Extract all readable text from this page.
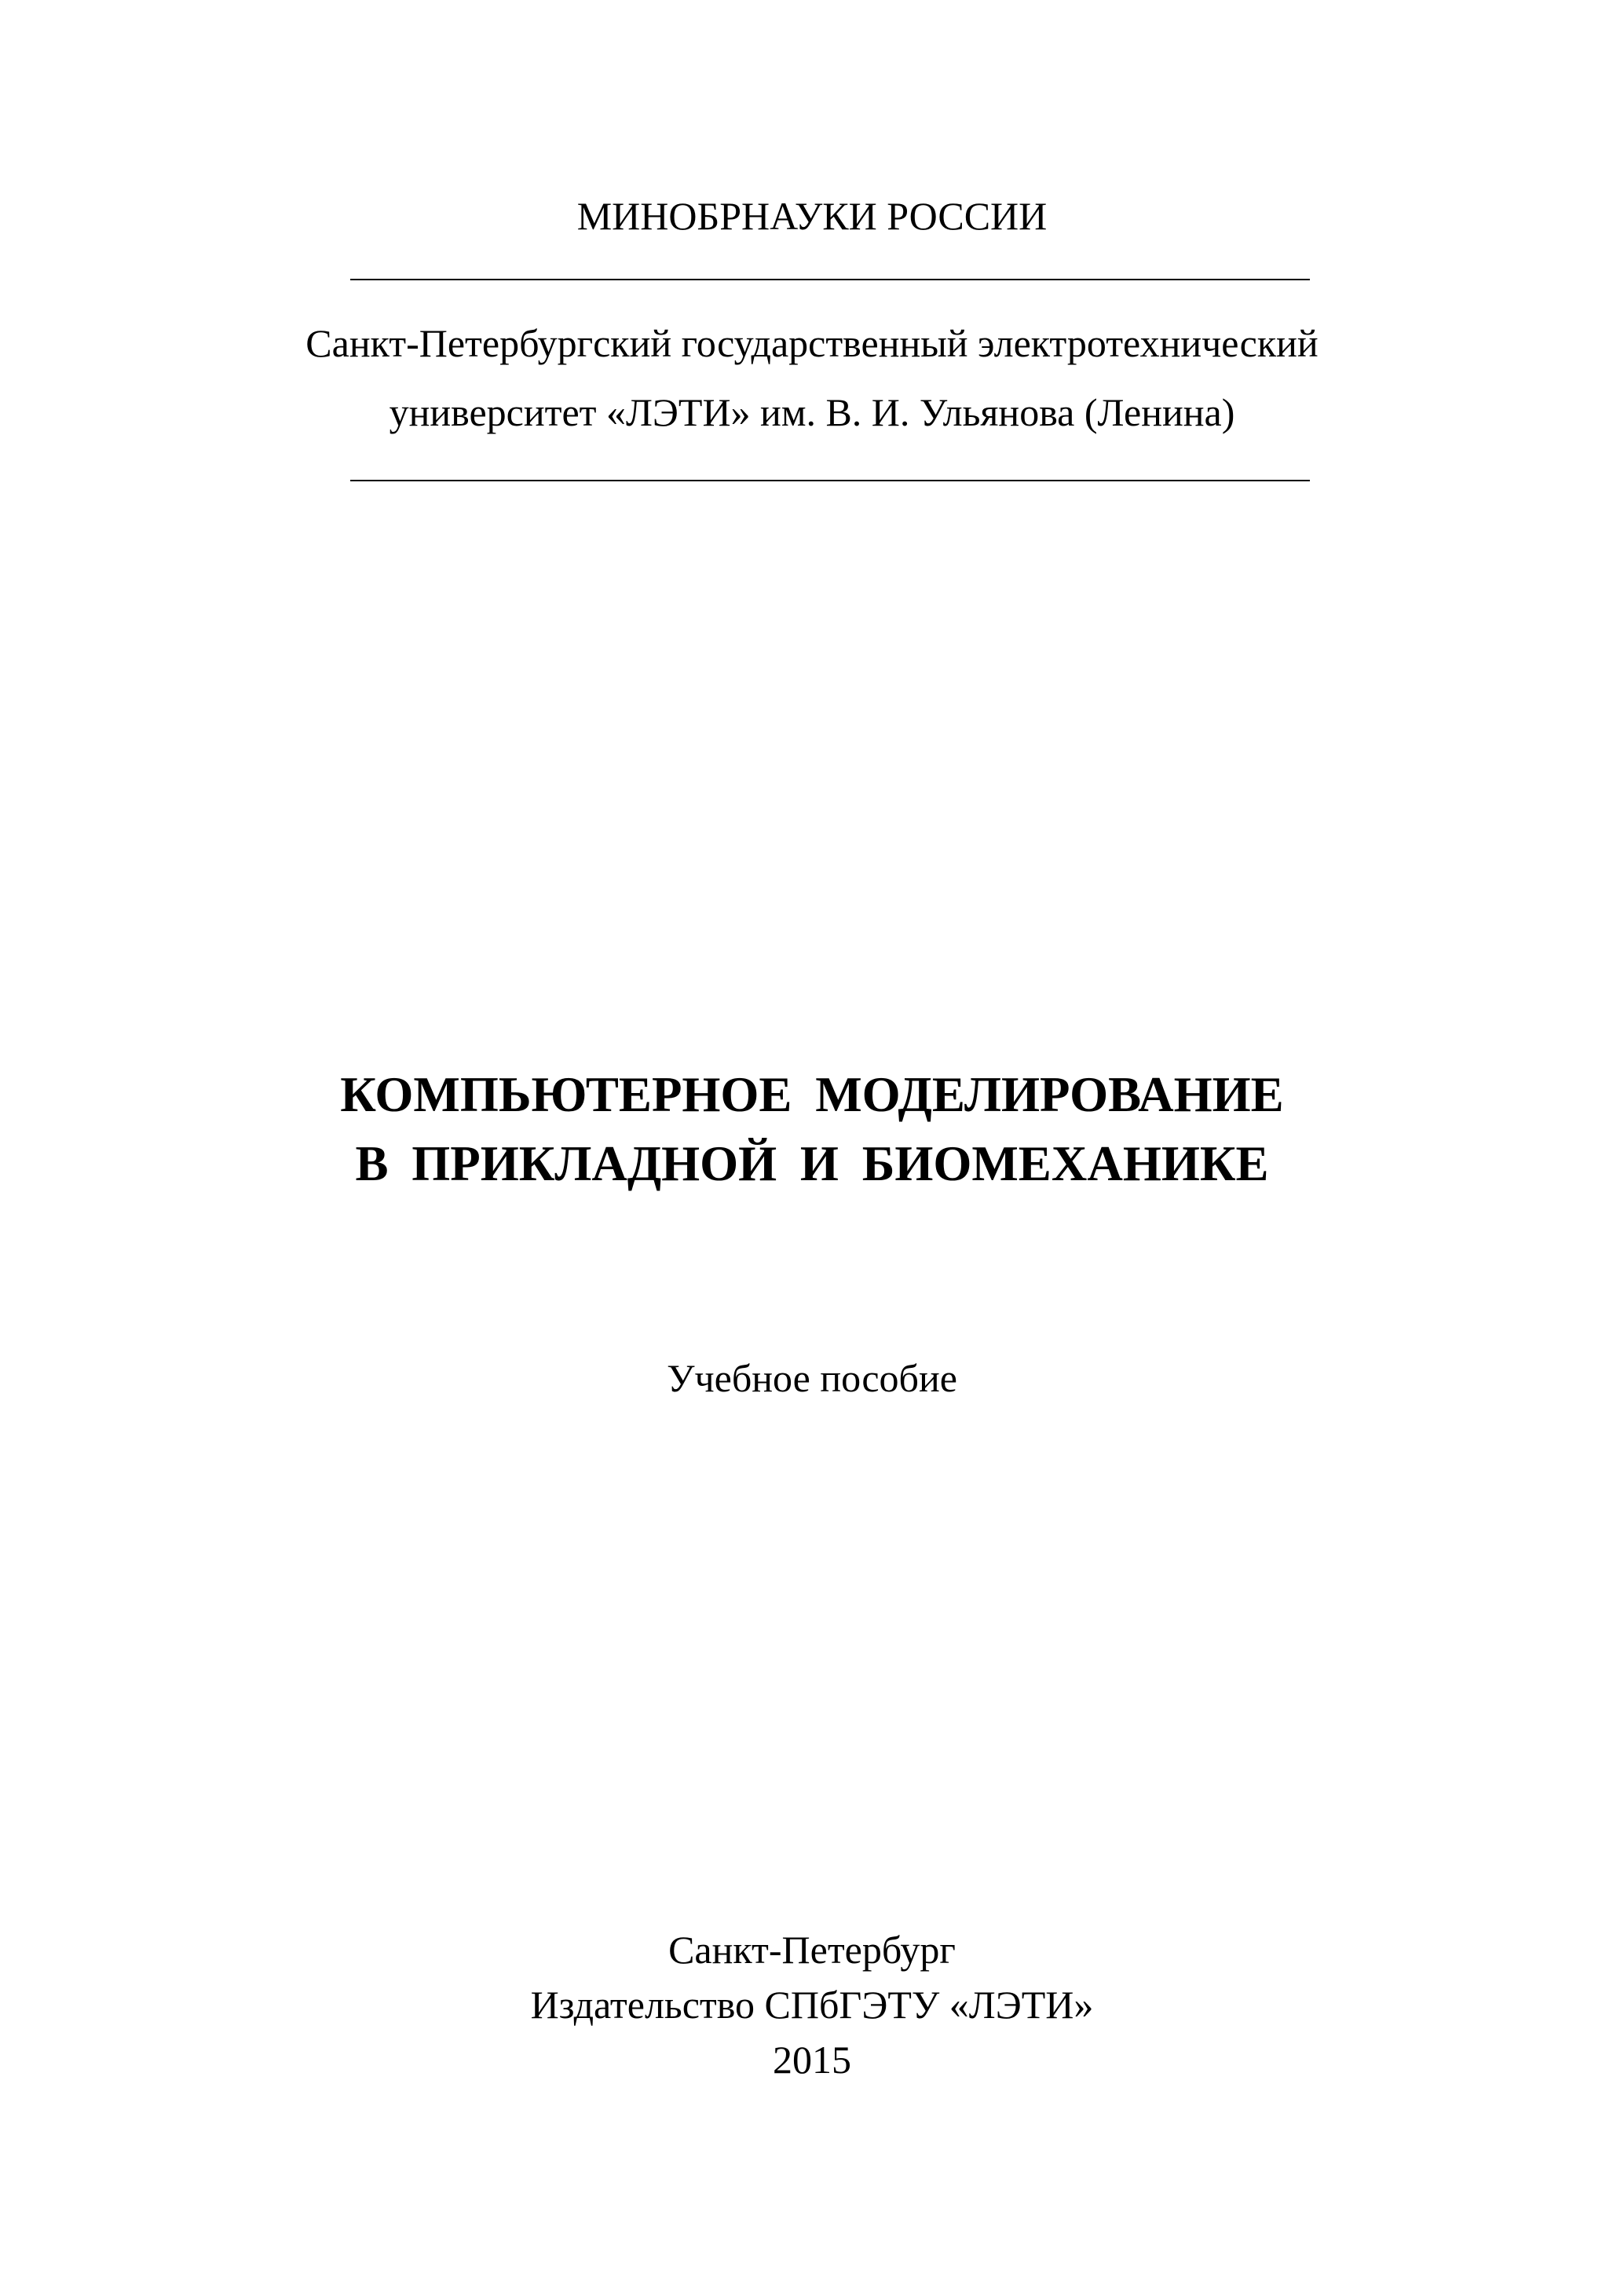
МИНОБРНАУКИ РОССИИ
Санкт-Петербургский государственный электротехнический
университет «ЛЭТИ» им. В. И. Ульянова (Ленина)
КОМПЬЮТЕРНОЕ МОДЕЛИРОВАНИЕ
В ПРИКЛАДНОЙ И БИОМЕХАНИКЕ
Учебное пособие
Санкт-Петербург
Издательство СПбГЭТУ «ЛЭТИ»
2015
